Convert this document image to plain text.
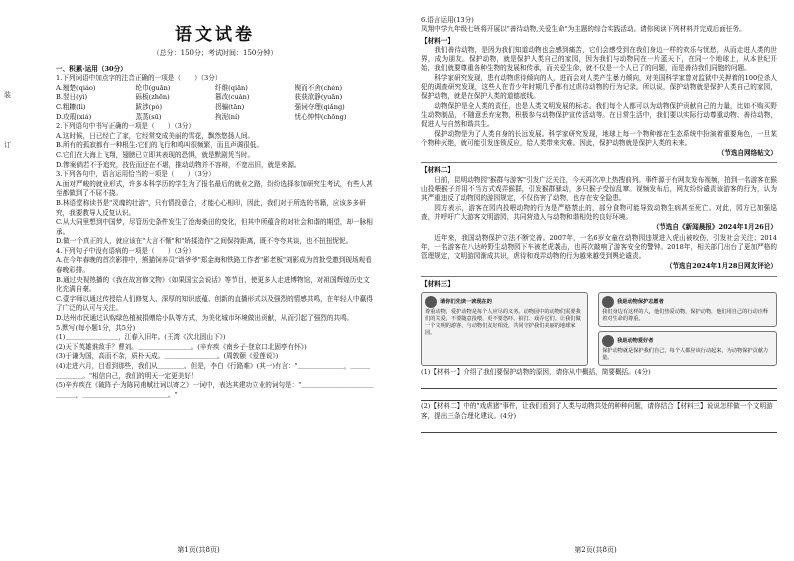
装
订
语文试卷
（总分：150分；考试时间：150分钟）
一、积累·运用（30分）
1.下列词语中加点字的注音正确的一项是（　　）（3分）
A.翘楚(qiáo)	纶巾(guān)	纤维(qiān)	锲而不舍(chén)
B.翌日(yì)	砾板(zhēn)	篡改(cuàn)	获获欲静(yuān)
C.粗糠(lì)	跋涉(pò)	拐骗(tān)	强词夺理(qiǎng)
D.攻瑕(xiá)	蒸蒸(sū)	拘泥(ní)	忧心忡忡(chōng)
2.下列语句中书写正确的一项是（　　）（3分）
A.这时候，日已经亡了家，它经常变成美丽的雪花，飘然悠扬人间。
B.所有的孤寂都有一种根生:它们的飞行和鸣叫很频繁，而且声调很低。
C.它们在大海上飞翔，翅膀已立即其表现的恐惧，就是默剧凭当时。
D.惨案倘若不予追究，技佐而还在不堪，推动动物并不容辩，不宽出旧，就是来源。
3.下列各句中，语言运用恰当的一项是（　　）（3分）
A.面对严峻的就业形式，许多本科学历的学生为了报名最后的就业之路，纷纷选择参加研究生考试，有些人甚至都做到了不屈不挠。
B.林语堂称读书是"灵魂的壮游"，只有情投意合，才能心心相印，因此，我们对于所选的书籍，应该多多研究，我要教导人反复认识。
C.从大同里想到中国梦，尽管历史条件发生了沧海桑田的变化，但其中所蕴含的对社会和谐的期望，却一脉相承。
D.做一个真正的人，就应该在"大言不惭"和"矫揉造作"之间保持距离，既不夸夸其谈，也不扭扭怩怩。
4.下列句子中没有语病的一项是（　　）（3分）
A.在今年春晚的首次影排中，熊猫饲养员"谱爷爷"郑金海和铁路工作者"影老板"刘影成为首批受邀到现场观看春晚彩排。
B.通过央视热播的《我在故宫修文物》《如果国宝会说话》等节目，使更多人走进博物馆，对祖国辉煌历史文化充满自豪。
C.壹字师以通过传授给人们修复人、深厚的知识底蕴、创新的直播形式以及强烈的情感共鸣，在年轻人中赢得了广泛的认可与关注。
D.达州市民通过认购绿色植被捐赠给小队等方式，为美化城市环境做出贡献，从而引起了强烈的共鸣。
5.默写(每小题1分，共5分)
(1)＿＿＿＿＿＿＿＿，江春入旧年。(王湾《次北固山下》)
(2)天下英雄谁敌手？曹刘。＿＿＿＿＿＿＿＿。(辛弃疾《南乡子·登京口北固亭有怀》)
(3)于谦为国，高而不杂，质朴天成。＿＿＿＿＿＿＿＿。(周敦颐《爱莲说》)
(4)走进六月，目看到那些，我们从＿＿＿＿。但是，李白《行路难》(其一)有言："＿＿＿＿＿＿＿，＿＿＿＿＿＿＿。"相信自己，我们的明天一定更美好！
(5)辛弃疾在《破阵子·为陈同甫赋壮词以寄之》一词中，表达其建功立业的词句是："＿＿＿＿＿＿＿＿＿＿＿＿＿＿，＿＿＿＿＿＿＿＿＿＿＿＿＿。"
第1页(共8页)
6.语言运用(13分)
凤翔中学九年级七班将开展以"善待动物,关爱生命"为主题的综合实践活动。请你阅读下列材料并完成后面任务。
【材料一】
我们善待动物，是因为我们知道动物也会感到痛苦，它们会感受到在我们身边一样的欢乐与忧愁，从而走进人类的世界，成为朋友。保护动物，就是保护人类自己的家园，因为我们与动物同在一片蓝天下，在同一个地球上，从本世纪开始，我们就要尊重各种生物的发展和传承，而关爱生命，就不仅是一个人已了的问题，而是善待我们同胞的问题。
科学家研究发现，患有动物虐待倾向的人，进而会对人类产生暴力倾向，对美国科学家曾对监狱中关押着的100位杀人犯的调查研究发现，这些人在青少年时期几乎都有过虐待动物的行为记录。所以说，保护动物就是保护人类自己的家园，保护动物，就是在保护人类的道德底线。
动物保护是全人类的责任，也是人类文明发展的标志。我们每个人都可以为动物保护贡献自己的力量，比如不购买野生动物制品，不随意丢弃宠物，积极参与动物保护宣传活动等。在日常生活中，我们要以实际行动尊重动物、善待动物，促进人与自然和谐共生。
保护动物是为了人类自身的长远发展。科学家研究发现，地球上每一个物种都在生态系统中扮演着重要角色，一旦某个物种灭绝，就可能引发连锁反应，给人类带来灾难。因此，保护动物就是保护人类的未来。
（节选自网络帖文）
【材料二】
日前，昆明动物园"猴群与游客"引发广泛关注，今天再次冲上热搜前列。事件源于有网友发布视频，拍到一名游客在猴山投喂猴子并用不当方式戏弄猴群，引发猴群骚动，多只猴子受惊乱窜。视频发布后，网友纷纷谴责该游客的行为，认为其严重违反了动物园的游园规定，不仅伤害了动物，也存在安全隐患。
园方表示，游客在园内投喂动物的行为是严格禁止的，部分食物可能导致动物生病甚至死亡。对此，园方已加强巡查，并呼吁广大游客文明游园，共同营造人与动物和谐相处的良好环境。
（节选自《新闻晨报》2024年1月26日）
近年来，我国动物保护立法不断完善。2007年，一名6岁女童在动物园违规进入虎山被咬伤，引发社会关注；2014年，一名游客在八达岭野生动物园下车被老虎袭击，也再次敲响了游客安全的警钟。2018年，相关部门出台了更加严格的管理规定，文明游园渐成共识，虐待和戏弄动物的行为越来越受到舆论谴责。
（节选自2024年1月28日网友评论）
【材料三】
请你们先读一读现在的
尊重动物，爱护动物是每个人应尽的义务。动物园中的动物们需要我们的关爱，不要随意投喂，更不要恐吓、拍打、戏弄它们。让我们做一个文明的游客，与动物们友好相处，共同守护我们美丽的地球家园。
我是动物保护志愿者
我们身边有这样的人，他们热爱动物，保护动物，他们用自己的行动诠释着对生命的尊重。
我是动物爱好者
保护动物就是保护我们自己，每个人都应该行动起来，为动物保护贡献力量。
(1)【材料一】介绍了我们要保护动物的原因，请你从中概括，简要概括。(4分)
(2)【材料二】中的"戏虐猪"事件，让我们看到了人类与动物共处的种种问题，请你结合【材料三】说说怎样做一个文明游客，提出三条合理化建议。(4分)
第2页(共8页)
